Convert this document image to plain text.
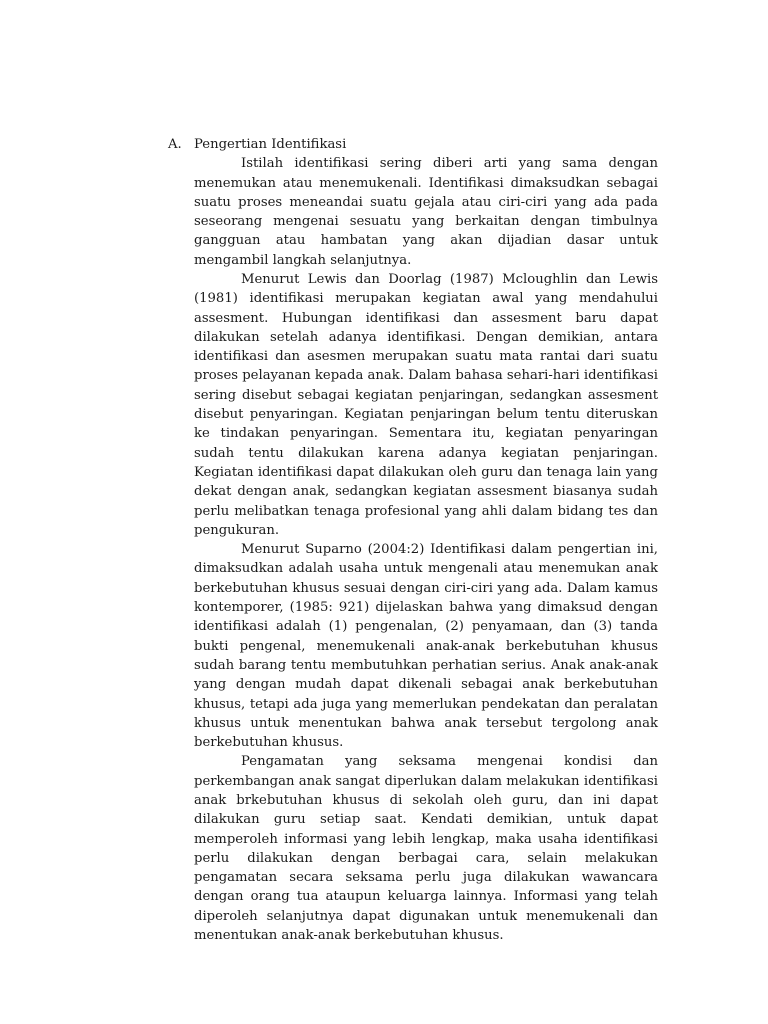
A. Pengertian Identifikasi

Istilah identifikasi sering diberi arti yang sama dengan menemukan atau menemukenali. Identifikasi dimaksudkan sebagai suatu proses meneandai suatu gejala atau ciri-ciri yang ada pada seseorang mengenai sesuatu yang berkaitan dengan timbulnya gangguan atau hambatan yang akan dijadian dasar untuk mengambil langkah selanjutnya.

Menurut Lewis dan Doorlag (1987) Mcloughlin dan Lewis (1981) identifikasi merupakan kegiatan awal yang mendahului assesment. Hubungan identifikasi dan assesment baru dapat dilakukan setelah adanya identifikasi. Dengan demikian, antara identifikasi dan asesmen merupakan suatu mata rantai dari suatu proses pelayanan kepada anak. Dalam bahasa sehari-hari identifikasi sering disebut sebagai kegiatan penjaringan, sedangkan assesment disebut penyaringan. Kegiatan penjaringan belum tentu diteruskan ke tindakan penyaringan. Sementara itu, kegiatan penyaringan sudah tentu dilakukan karena adanya kegiatan penjaringan. Kegiatan identifikasi dapat dilakukan oleh guru dan tenaga lain yang dekat dengan anak, sedangkan kegiatan assesment biasanya sudah perlu melibatkan tenaga profesional yang ahli dalam bidang tes dan pengukuran.

Menurut Suparno (2004:2) Identifikasi dalam pengertian ini, dimaksudkan adalah usaha untuk mengenali atau menemukan anak berkebutuhan khusus sesuai dengan ciri-ciri yang ada. Dalam kamus kontemporer, (1985: 921) dijelaskan bahwa yang dimaksud dengan identifikasi adalah (1) pengenalan, (2) penyamaan, dan (3) tanda bukti pengenal, menemukenali anak-anak berkebutuhan khusus sudah barang tentu membutuhkan perhatian serius. Anak anak-anak yang dengan mudah dapat dikenali sebagai anak berkebutuhan khusus, tetapi ada juga yang memerlukan pendekatan dan peralatan khusus untuk menentukan bahwa anak tersebut tergolong anak berkebutuhan khusus.

Pengamatan yang seksama mengenai kondisi dan perkembangan anak sangat diperlukan dalam melakukan identifikasi anak brkebutuhan khusus di sekolah oleh guru, dan ini dapat dilakukan guru setiap saat. Kendati demikian, untuk dapat memperoleh informasi yang lebih lengkap, maka usaha identifikasi perlu dilakukan dengan berbagai cara, selain melakukan pengamatan secara seksama perlu juga dilakukan wawancara dengan orang tua ataupun keluarga lainnya. Informasi yang telah diperoleh selanjutnya dapat digunakan untuk menemukenali dan menentukan anak-anak berkebutuhan khusus.
